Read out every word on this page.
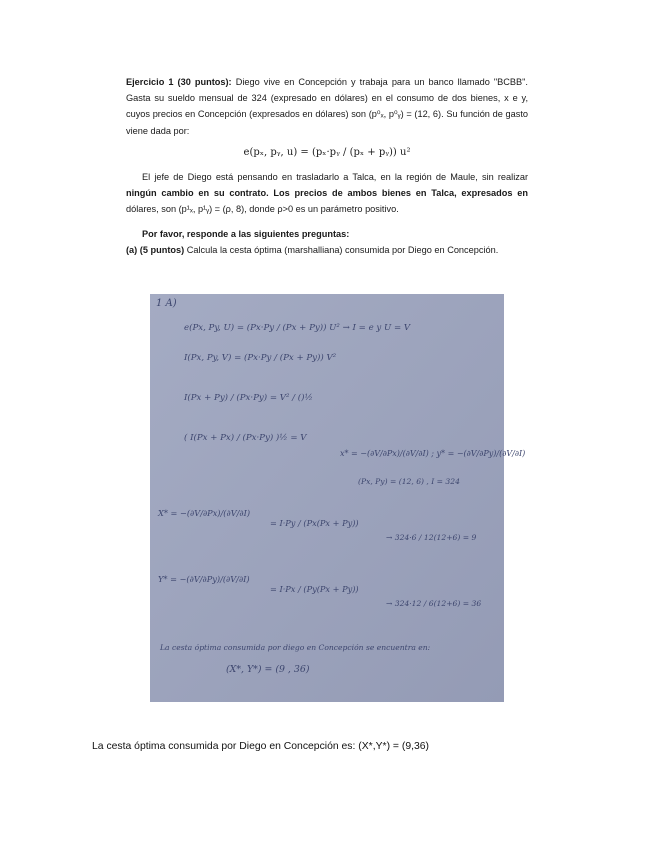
Ejercicio 1 (30 puntos): Diego vive en Concepción y trabaja para un banco llamado "BCBB". Gasta su sueldo mensual de 324 (expresado en dólares) en el consumo de dos bienes, x e y, cuyos precios en Concepción (expresados en dólares) son (p⁰ₓ, p⁰ᵧ) = (12, 6). Su función de gasto viene dada por:

e(pₓ, pᵧ, u) = (pₓ·pᵧ / (pₓ + pᵧ)) u²

El jefe de Diego está pensando en trasladarlo a Talca, en la región de Maule, sin realizar ningún cambio en su contrato. Los precios de ambos bienes en Talca, expresados en dólares, son (p¹ₓ, p¹ᵧ) = (ρ, 8), donde ρ>0 es un parámetro positivo.

Por favor, responde a las siguientes preguntas:

(a) (5 puntos) Calcula la cesta óptima (marshalliana) consumida por Diego en Concepción.

1 A)
e(Px, Py, U) = (Px·Py / (Px + Py)) U² → I = e y U = V
I(Px, Py, V) = (Px·Py / (Px + Py)) V²
I(Px + Py) / (Px·Py) = V² / ()½
( I(Px + Px) / (Px·Py) )½ = V
x* = −(∂V/∂Px)/(∂V/∂I) ; y* = −(∂V/∂Py)/(∂V/∂I)
(Px, Py) = (12, 6) , I = 324
X* = −(∂V/∂Px)/(∂V/∂I)
= I·Py / (Px(Px + Py))
→ 324·6 / 12(12+6) = 9
Y* = −(∂V/∂Py)/(∂V/∂I)
= I·Px / (Py(Px + Py))
→ 324·12 / 6(12+6) = 36
La cesta óptima consumida por diego en Concepción se encuentra en:
(X*, Y*) = (9 , 36)
La cesta óptima consumida por Diego en Concepción es: (X*,Y*) = (9,36)
